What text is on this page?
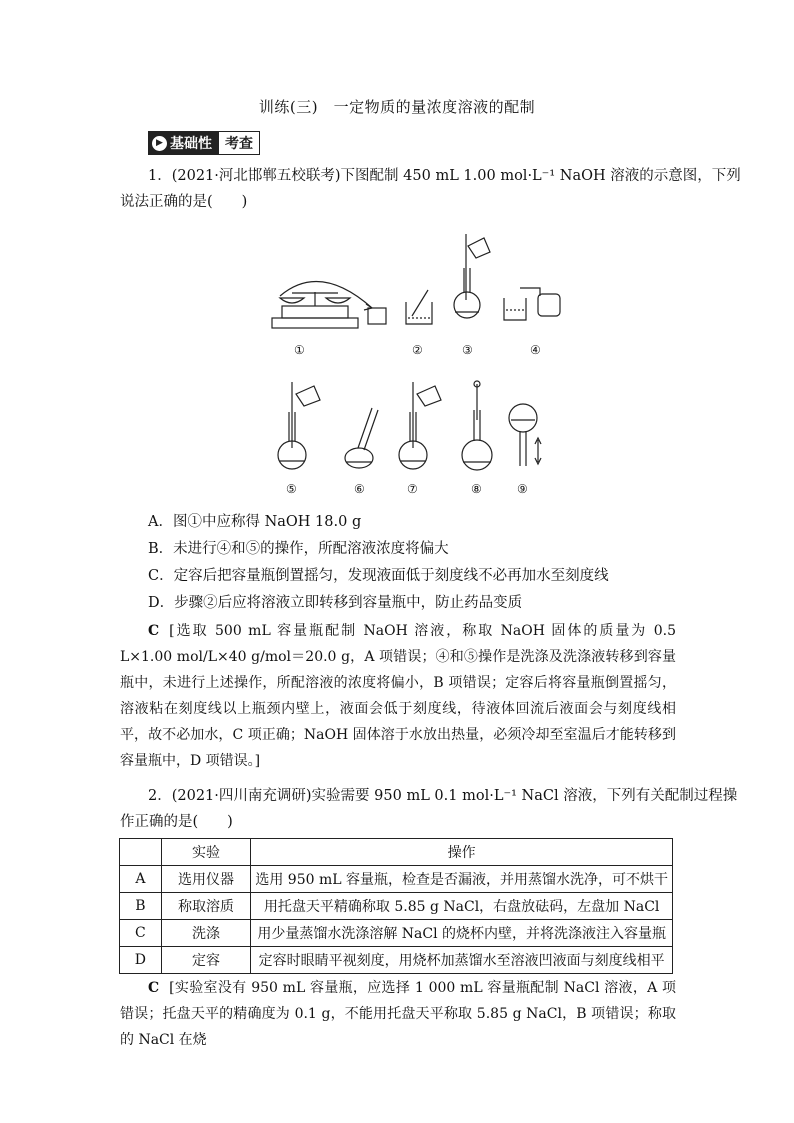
训练(三)　一定物质的量浓度溶液的配制
▶ 基础性 考查
1．(2021·河北邯郸五校联考)下图配制 450 mL 1.00 mol·L⁻¹ NaOH 溶液的示意图，下列
说法正确的是(　　)
①	②	③	④
⑤	⑥	⑦	⑧	⑨
A．图①中应称得 NaOH 18.0 g
B．未进行④和⑤的操作，所配溶液浓度将偏大
C．定容后把容量瓶倒置摇匀，发现液面低于刻度线不必再加水至刻度线
D．步骤②后应将溶液立即转移到容量瓶中，防止药品变质
C [选取 500 mL 容量瓶配制 NaOH 溶液，称取 NaOH 固体的质量为 0.5 L×1.00 mol/L×40 g/mol＝20.0 g，A 项错误；④和⑤操作是洗涤及洗涤液转移到容量瓶中，未进行上述操作，所配溶液的浓度将偏小，B 项错误；定容后将容量瓶倒置摇匀，溶液粘在刻度线以上瓶颈内壁上，液面会低于刻度线，待液体回流后液面会与刻度线相平，故不必加水，C 项正确；NaOH 固体溶于水放出热量，必须冷却至室温后才能转移到容量瓶中，D 项错误。]
2．(2021·四川南充调研)实验需要 950 mL 0.1 mol·L⁻¹ NaCl 溶液，下列有关配制过程操
作正确的是(　　)
	实验	操作
A	选用仪器	选用 950 mL 容量瓶，检查是否漏液，并用蒸馏水洗净，可不烘干
B	称取溶质	用托盘天平精确称取 5.85 g NaCl，右盘放砝码，左盘加 NaCl
C	洗涤	用少量蒸馏水洗涤溶解 NaCl 的烧杯内壁，并将洗涤液注入容量瓶
D	定容	定容时眼睛平视刻度，用烧杯加蒸馏水至溶液凹液面与刻度线相平
C [实验室没有 950 mL 容量瓶，应选择 1 000 mL 容量瓶配制 NaCl 溶液，A 项错误；托盘天平的精确度为 0.1 g，不能用托盘天平称取 5.85 g NaCl，B 项错误；称取的 NaCl 在烧
